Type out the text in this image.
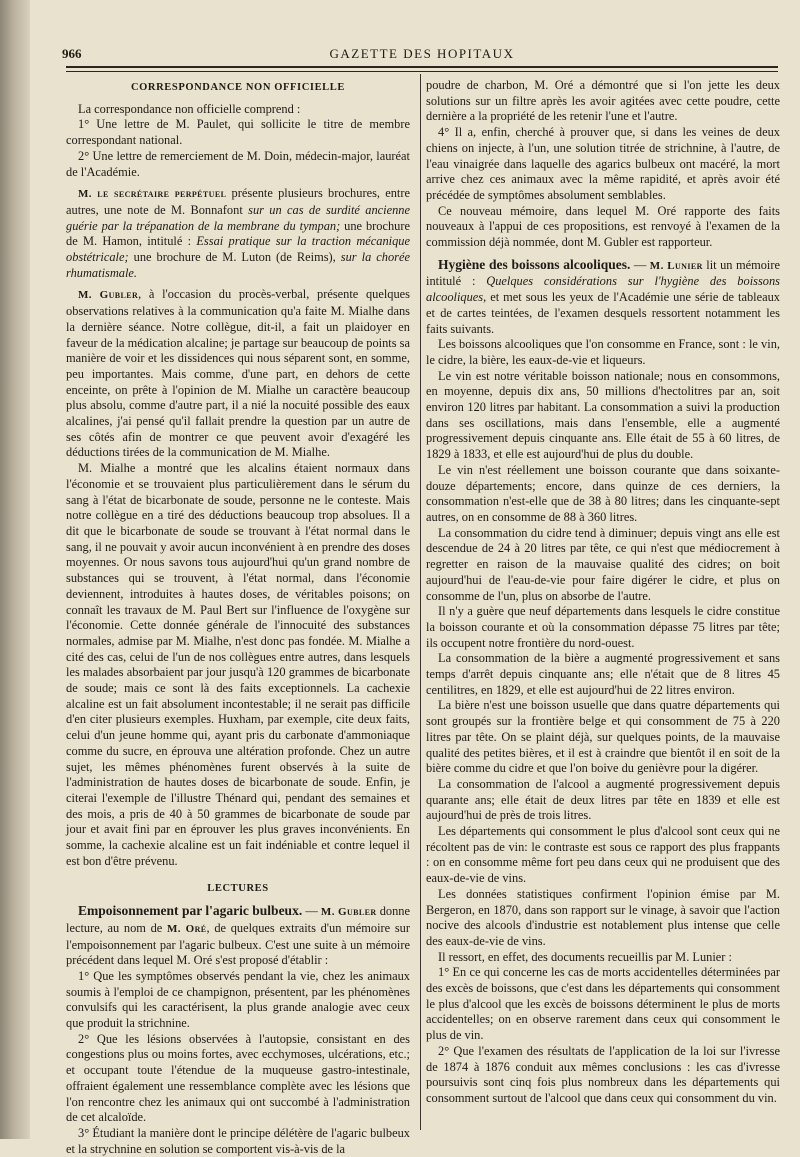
966	GAZETTE DES HOPITAUX
CORRESPONDANCE NON OFFICIELLE

La correspondance non officielle comprend :

1° Une lettre de M. Paulet, qui sollicite le titre de membre correspondant national.

2° Une lettre de remerciement de M. Doin, médecin-major, lauréat de l'Académie.

M. le secrétaire perpétuel présente plusieurs brochures, entre autres, une note de M. Bonnafont sur un cas de surdité ancienne guérie par la trépanation de la membrane du tympan; une brochure de M. Hamon, intitulé : Essai pratique sur la traction mécanique obstétricale; une brochure de M. Luton (de Reims), sur la chorée rhumatismale.

M. Gubler, à l'occasion du procès-verbal, présente quelques observations relatives à la communication qu'a faite M. Mialhe dans la dernière séance. Notre collègue, dit-il, a fait un plaidoyer en faveur de la médication alcaline; je partage sur beaucoup de points sa manière de voir et les dissidences qui nous séparent sont, en somme, peu importantes. Mais comme, d'une part, en dehors de cette enceinte, on prête à l'opinion de M. Mialhe un caractère beaucoup plus absolu, comme d'autre part, il a nié la nocuité possible des eaux alcalines, j'ai pensé qu'il fallait prendre la question par un autre de ses côtés afin de montrer ce que peuvent avoir d'exagéré les déductions tirées de la communication de M. Mialhe.

M. Mialhe a montré que les alcalins étaient normaux dans l'économie et se trouvaient plus particulièrement dans le sérum du sang à l'état de bicarbonate de soude, personne ne le conteste. Mais notre collègue en a tiré des déductions beaucoup trop absolues. Il a dit que le bicarbonate de soude se trouvant à l'état normal dans le sang, il ne pouvait y avoir aucun inconvénient à en prendre des doses moyennes. Or nous savons tous aujourd'hui qu'un grand nombre de substances qui se trouvent, à l'état normal, dans l'économie deviennent, introduites à hautes doses, de véritables poisons; on connaît les travaux de M. Paul Bert sur l'influence de l'oxygène sur l'économie. Cette donnée générale de l'innocuité des substances normales, admise par M. Mialhe, n'est donc pas fondée. M. Mialhe a cité des cas, celui de l'un de nos collègues entre autres, dans lesquels les malades absorbaient par jour jusqu'à 120 grammes de bicarbonate de soude; mais ce sont là des faits exceptionnels. La cachexie alcaline est un fait absolument incontestable; il ne serait pas difficile d'en citer plusieurs exemples. Huxham, par exemple, cite deux faits, celui d'un jeune homme qui, ayant pris du carbonate d'ammoniaque comme du sucre, en éprouva une altération profonde. Chez un autre sujet, les mêmes phénomènes furent observés à la suite de l'administration de hautes doses de bicarbonate de soude. Enfin, je citerai l'exemple de l'illustre Thénard qui, pendant des semaines et des mois, a pris de 40 à 50 grammes de bicarbonate de soude par jour et avait fini par en éprouver les plus graves inconvénients. En somme, la cachexie alcaline est un fait indéniable et contre lequel il est bon d'être prévenu.

LECTURES

Empoisonnement par l'agaric bulbeux. — M. Gubler donne lecture, au nom de M. Oré, de quelques extraits d'un mémoire sur l'empoisonnement par l'agaric bulbeux. C'est une suite à un mémoire précédent dans lequel M. Oré s'est proposé d'établir :

1° Que les symptômes observés pendant la vie, chez les animaux soumis à l'emploi de ce champignon, présentent, par les phénomènes convulsifs qui les caractérisent, la plus grande analogie avec ceux que produit la strichnine.

2° Que les lésions observées à l'autopsie, consistant en des congestions plus ou moins fortes, avec ecchymoses, ulcérations, etc.; et occupant toute l'étendue de la muqueuse gastro-intestinale, offraient également une ressemblance complète avec les lésions que l'on rencontre chez les animaux qui ont succombé à l'administration de cet alcaloïde.

3° Étudiant la manière dont le principe délétère de l'agaric bulbeux et la strychnine en solution se comportent vis-à-vis de la

poudre de charbon, M. Oré a démontré que si l'on jette les deux solutions sur un filtre après les avoir agitées avec cette poudre, cette dernière a la propriété de les retenir l'une et l'autre.

4° Il a, enfin, cherché à prouver que, si dans les veines de deux chiens on injecte, à l'un, une solution titrée de strichnine, à l'autre, de l'eau vinaigrée dans laquelle des agarics bulbeux ont macéré, la mort arrive chez ces animaux avec la même rapidité, et après avoir été précédée de symptômes absolument semblables.

Ce nouveau mémoire, dans lequel M. Oré rapporte des faits nouveaux à l'appui de ces propositions, est renvoyé à l'examen de la commission déjà nommée, dont M. Gubler est rapporteur.

Hygiène des boissons alcooliques. — M. Lunier lit un mémoire intitulé : Quelques considérations sur l'hygiène des boissons alcooliques, et met sous les yeux de l'Académie une série de tableaux et de cartes teintées, de l'examen desquels ressortent notamment les faits suivants.

Les boissons alcooliques que l'on consomme en France, sont : le vin, le cidre, la bière, les eaux-de-vie et liqueurs.

Le vin est notre véritable boisson nationale; nous en consommons, en moyenne, depuis dix ans, 50 millions d'hectolitres par an, soit environ 120 litres par habitant. La consommation a suivi la production dans ses oscillations, mais dans l'ensemble, elle a augmenté progressivement depuis cinquante ans. Elle était de 55 à 60 litres, de 1829 à 1833, et elle est aujourd'hui de plus du double.

Le vin n'est réellement une boisson courante que dans soixante-douze départements; encore, dans quinze de ces derniers, la consommation n'est-elle que de 38 à 80 litres; dans les cinquante-sept autres, on en consomme de 88 à 360 litres.

La consommation du cidre tend à diminuer; depuis vingt ans elle est descendue de 24 à 20 litres par tête, ce qui n'est que médiocrement à regretter en raison de la mauvaise qualité des cidres; on boit aujourd'hui de l'eau-de-vie pour faire digérer le cidre, et plus on consomme de l'un, plus on absorbe de l'autre.

Il n'y a guère que neuf départements dans lesquels le cidre constitue la boisson courante et où la consommation dépasse 75 litres par tête; ils occupent notre frontière du nord-ouest.

La consommation de la bière a augmenté progressivement et sans temps d'arrêt depuis cinquante ans; elle n'était que de 8 litres 45 centilitres, en 1829, et elle est aujourd'hui de 22 litres environ.

La bière n'est une boisson usuelle que dans quatre départements qui sont groupés sur la frontière belge et qui consomment de 75 à 220 litres par tête. On se plaint déjà, sur quelques points, de la mauvaise qualité des petites bières, et il est à craindre que bientôt il en soit de la bière comme du cidre et que l'on boive du genièvre pour la digérer.

La consommation de l'alcool a augmenté progressivement depuis quarante ans; elle était de deux litres par tête en 1839 et elle est aujourd'hui de près de trois litres.

Les départements qui consomment le plus d'alcool sont ceux qui ne récoltent pas de vin: le contraste est sous ce rapport des plus frappants : on en consomme même fort peu dans ceux qui ne produisent que des eaux-de-vie de vins.

Les données statistiques confirment l'opinion émise par M. Bergeron, en 1870, dans son rapport sur le vinage, à savoir que l'action nocive des alcools d'industrie est notablement plus intense que celle des eaux-de-vie de vins.

Il ressort, en effet, des documents recueillis par M. Lunier :

1° En ce qui concerne les cas de morts accidentelles déterminées par des excès de boissons, que c'est dans les départements qui consomment le plus d'alcool que les excès de boissons déterminent le plus de morts accidentelles; on en observe rarement dans ceux qui consomment le plus de vin.

2° Que l'examen des résultats de l'application de la loi sur l'ivresse de 1874 à 1876 conduit aux mêmes conclusions : les cas d'ivresse poursuivis sont cinq fois plus nombreux dans les départements qui consomment surtout de l'alcool que dans ceux qui consomment du vin.
